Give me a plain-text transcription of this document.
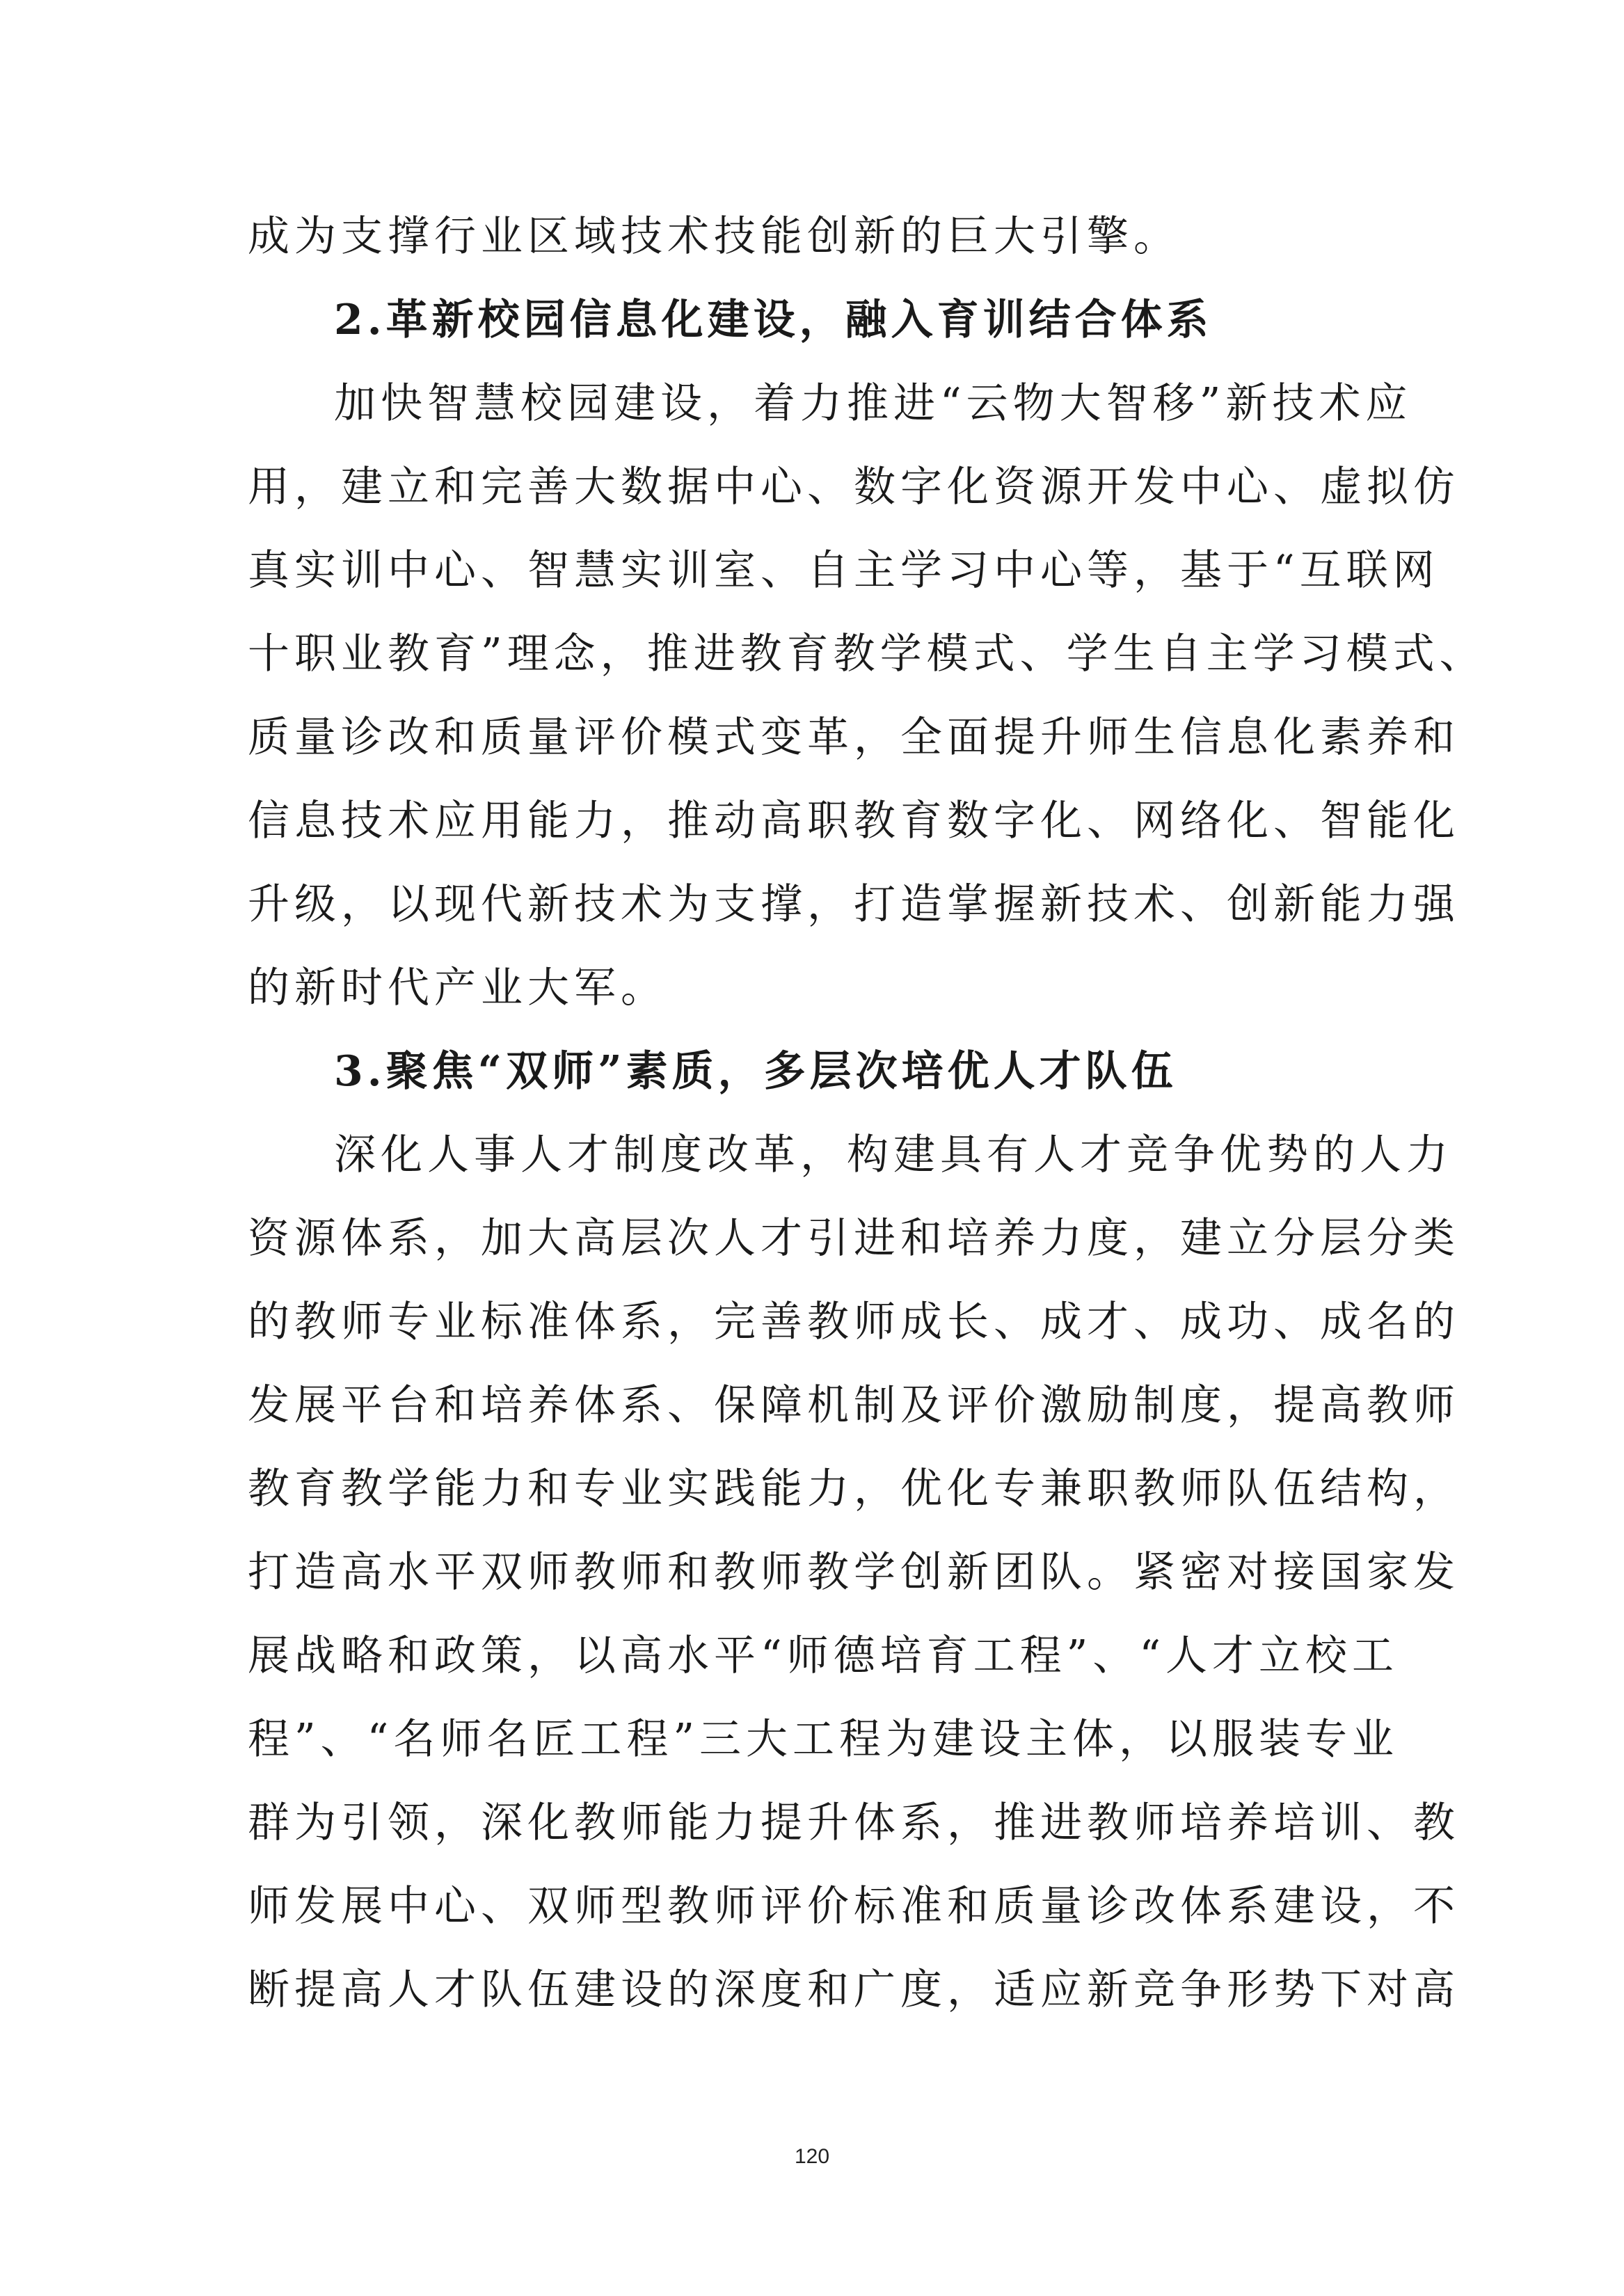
成为支撑行业区域技术技能创新的巨大引擎。

2.革新校园信息化建设，融入育训结合体系

加快智慧校园建设，着力推进“云物大智移”新技术应

用，建立和完善大数据中心、数字化资源开发中心、虚拟仿

真实训中心、智慧实训室、自主学习中心等，基于“互联网

十职业教育”理念，推进教育教学模式、学生自主学习模式、

质量诊改和质量评价模式变革，全面提升师生信息化素养和

信息技术应用能力，推动高职教育数字化、网络化、智能化

升级，以现代新技术为支撑，打造掌握新技术、创新能力强

的新时代产业大军。

3.聚焦“双师”素质，多层次培优人才队伍

深化人事人才制度改革，构建具有人才竞争优势的人力

资源体系，加大高层次人才引进和培养力度，建立分层分类

的教师专业标准体系，完善教师成长、成才、成功、成名的

发展平台和培养体系、保障机制及评价激励制度，提高教师

教育教学能力和专业实践能力，优化专兼职教师队伍结构，

打造高水平双师教师和教师教学创新团队。紧密对接国家发

展战略和政策，以高水平“师德培育工程”、“人才立校工

程”、“名师名匠工程”三大工程为建设主体，以服装专业

群为引领，深化教师能力提升体系，推进教师培养培训、教

师发展中心、双师型教师评价标准和质量诊改体系建设，不

断提高人才队伍建设的深度和广度，适应新竞争形势下对高

120
